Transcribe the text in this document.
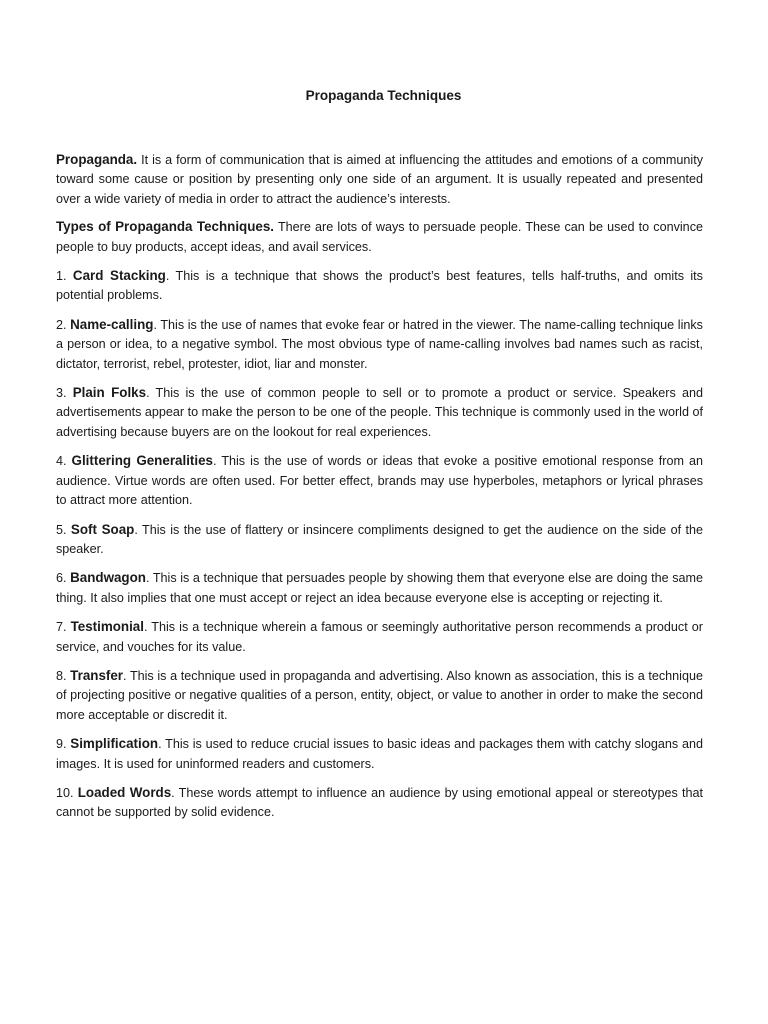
Propaganda Techniques

Propaganda. It is a form of communication that is aimed at influencing the attitudes and emotions of a community toward some cause or position by presenting only one side of an argument. It is usually repeated and presented over a wide variety of media in order to attract the audience’s interests.

Types of Propaganda Techniques. There are lots of ways to persuade people. These can be used to convince people to buy products, accept ideas, and avail services.

1. Card Stacking. This is a technique that shows the product’s best features, tells half-truths, and omits its potential problems.

2. Name-calling. This is the use of names that evoke fear or hatred in the viewer. The name-calling technique links a person or idea, to a negative symbol. The most obvious type of name-calling involves bad names such as racist, dictator, terrorist, rebel, protester, idiot, liar and monster.

3. Plain Folks. This is the use of common people to sell or to promote a product or service. Speakers and advertisements appear to make the person to be one of the people. This technique is commonly used in the world of advertising because buyers are on the lookout for real experiences.

4. Glittering Generalities. This is the use of words or ideas that evoke a positive emotional response from an audience. Virtue words are often used. For better effect, brands may use hyperboles, metaphors or lyrical phrases to attract more attention.

5. Soft Soap. This is the use of flattery or insincere compliments designed to get the audience on the side of the speaker.

6. Bandwagon. This is a technique that persuades people by showing them that everyone else are doing the same thing. It also implies that one must accept or reject an idea because everyone else is accepting or rejecting it.

7. Testimonial. This is a technique wherein a famous or seemingly authoritative person recommends a product or service, and vouches for its value.

8. Transfer. This is a technique used in propaganda and advertising. Also known as association, this is a technique of projecting positive or negative qualities of a person, entity, object, or value to another in order to make the second more acceptable or discredit it.

9. Simplification. This is used to reduce crucial issues to basic ideas and packages them with catchy slogans and images. It is used for uninformed readers and customers.

10. Loaded Words. These words attempt to influence an audience by using emotional appeal or stereotypes that cannot be supported by solid evidence.
